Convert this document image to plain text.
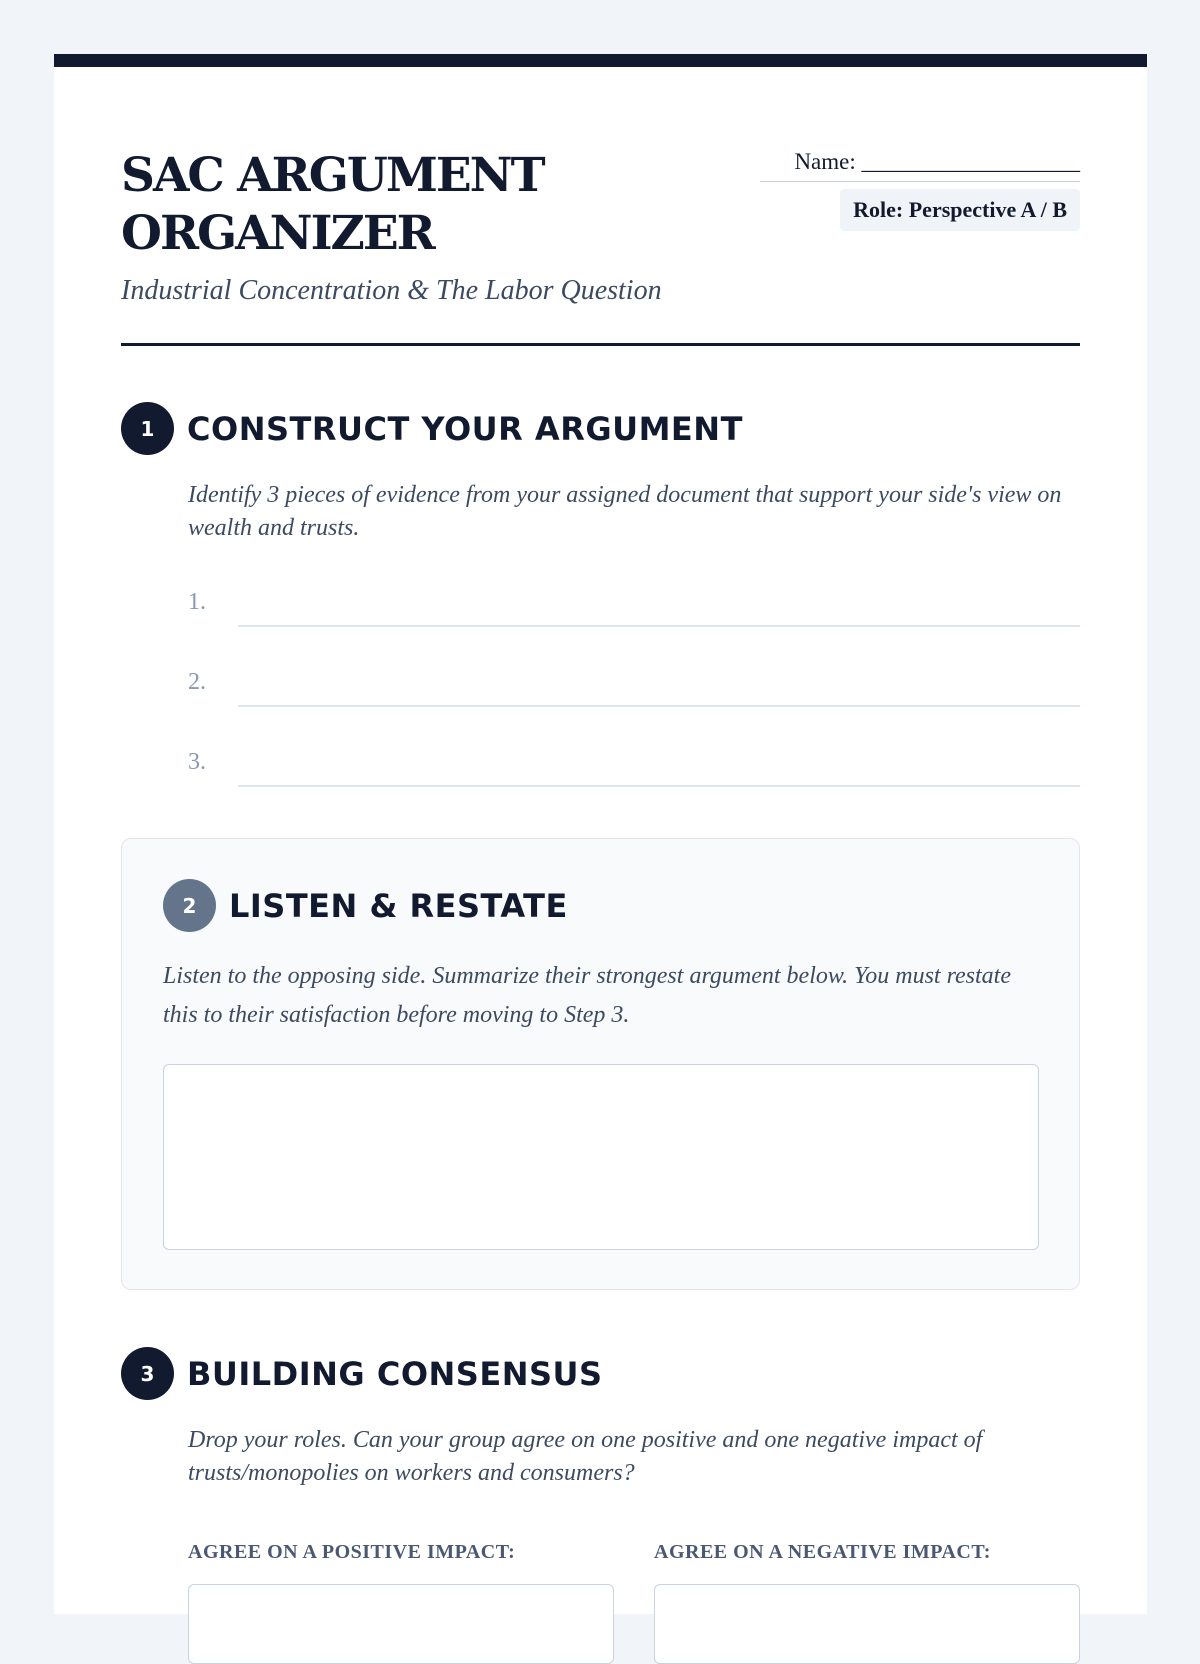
SAC ARGUMENT
ORGANIZER
Industrial Concentration & The Labor Question
Name: ___________________
Role: Perspective A / B
1	CONSTRUCT YOUR ARGUMENT
Identify 3 pieces of evidence from your assigned document that support your side's view on wealth and trusts.
1.
2.
3.
2	LISTEN & RESTATE
Listen to the opposing side. Summarize their strongest argument below. You must restate this to their satisfaction before moving to Step 3.
3	BUILDING CONSENSUS
Drop your roles. Can your group agree on one positive and one negative impact of trusts/monopolies on workers and consumers?
AGREE ON A POSITIVE IMPACT:	AGREE ON A NEGATIVE IMPACT:
